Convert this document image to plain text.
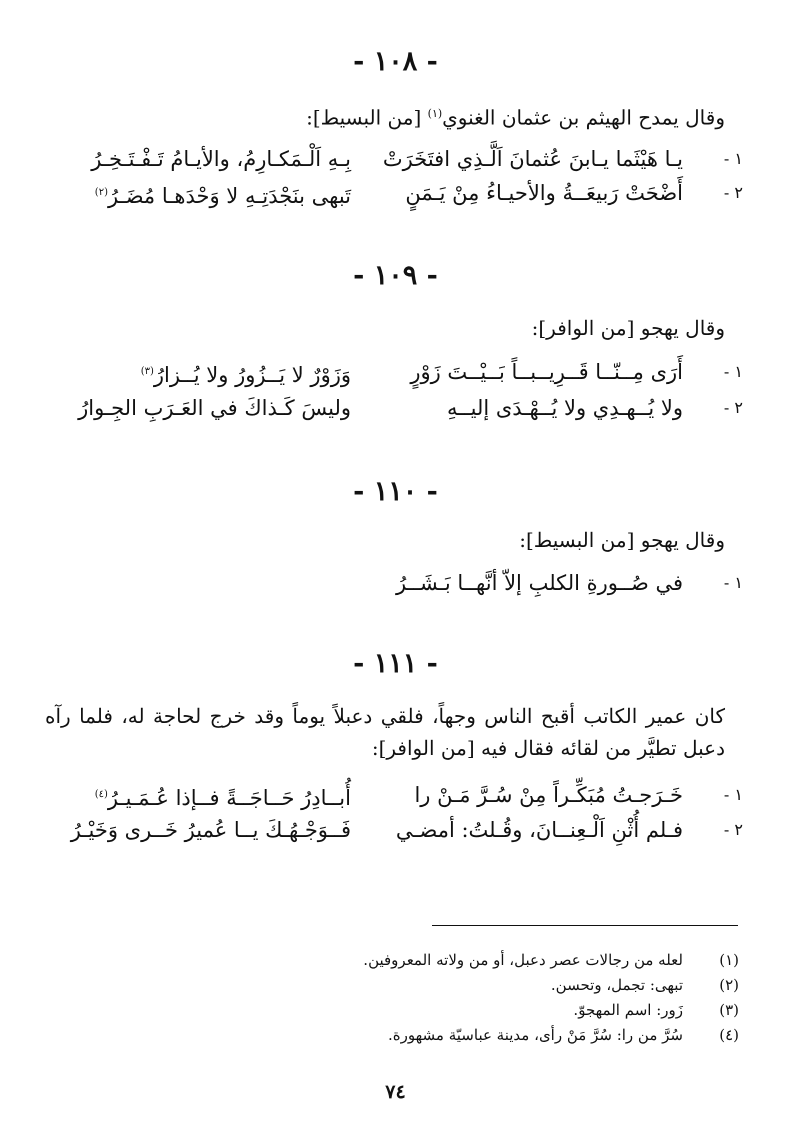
- ١٠٨ -
وقال يمدح الهيثم بن عثمان الغنوي$^{(١)}$ [من البسيط]:
١ -
يـا هَيْثَما يـابنَ عُثمانَ اَلَّـذِي افتَخَرَتْ
بِـهِ اَلْـمَكـارِمُ، والأيـامُ تَـفْـتَـخِـرُ
٢ -
أَضْحَتْ رَبيعَــةُ والأحيـاءُ مِنْ يَـمَنٍ
تَبهى بنَجْدَتِـهِ لا وَحْدَهـا مُضَـرُ$^{(٢)}$
- ١٠٩ -
وقال يهجو [من الوافر]:
١ -
أَرَى مِــنّــا قَــرِيــبــاً بَــيْــتَ زَوْرٍ
وَزَوْرٌ لا يَــزُورُ ولا يُــزارُ$^{(٣)}$
٢ -
ولا يُــهـدِي ولا يُــهْـدَى إليــهِ
وليسَ كَـذاكَ في العَـرَبِ الجِـوارُ
- ١١٠ -
وقال يهجو [من البسيط]:
١ -
في صُــورةِ الكلبِ إلاّ أنَّهــا بَـشَــرُ
- ١١١ -
كان عمير الكاتب أقبح الناس وجهاً، فلقي دعبلاً يوماً وقد خرج لحاجة له، فلما رآه دعبل تطيَّر من لقائه فقال فيه [من الوافر]:
١ -
خَـرَجـتُ مُبَكِّـراً مِنْ سُـرَّ مَـنْ را
أُبــادِرُ حَــاجَــةً فــإذا عُـمَـيـرُ$^{(٤)}$
٢ -
فـلم أُثْنِ اَلْـعِنــانَ، وقُـلتُ: أمضـي
فَــوَجْـهُـكَ يــا عُميرُ خَــرى وَخَيْـرُ
(١)
لعله من رجالات عصر دعبل، أو من ولاته المعروفين.
(٢)
تبهى: تجمل، وتحسن.
(٣)
زَور: اسم المهجوّ.
(٤)
سُرَّ من را: سُرَّ مَنْ رأى، مدينة عباسيّة مشهورة.
٧٤
